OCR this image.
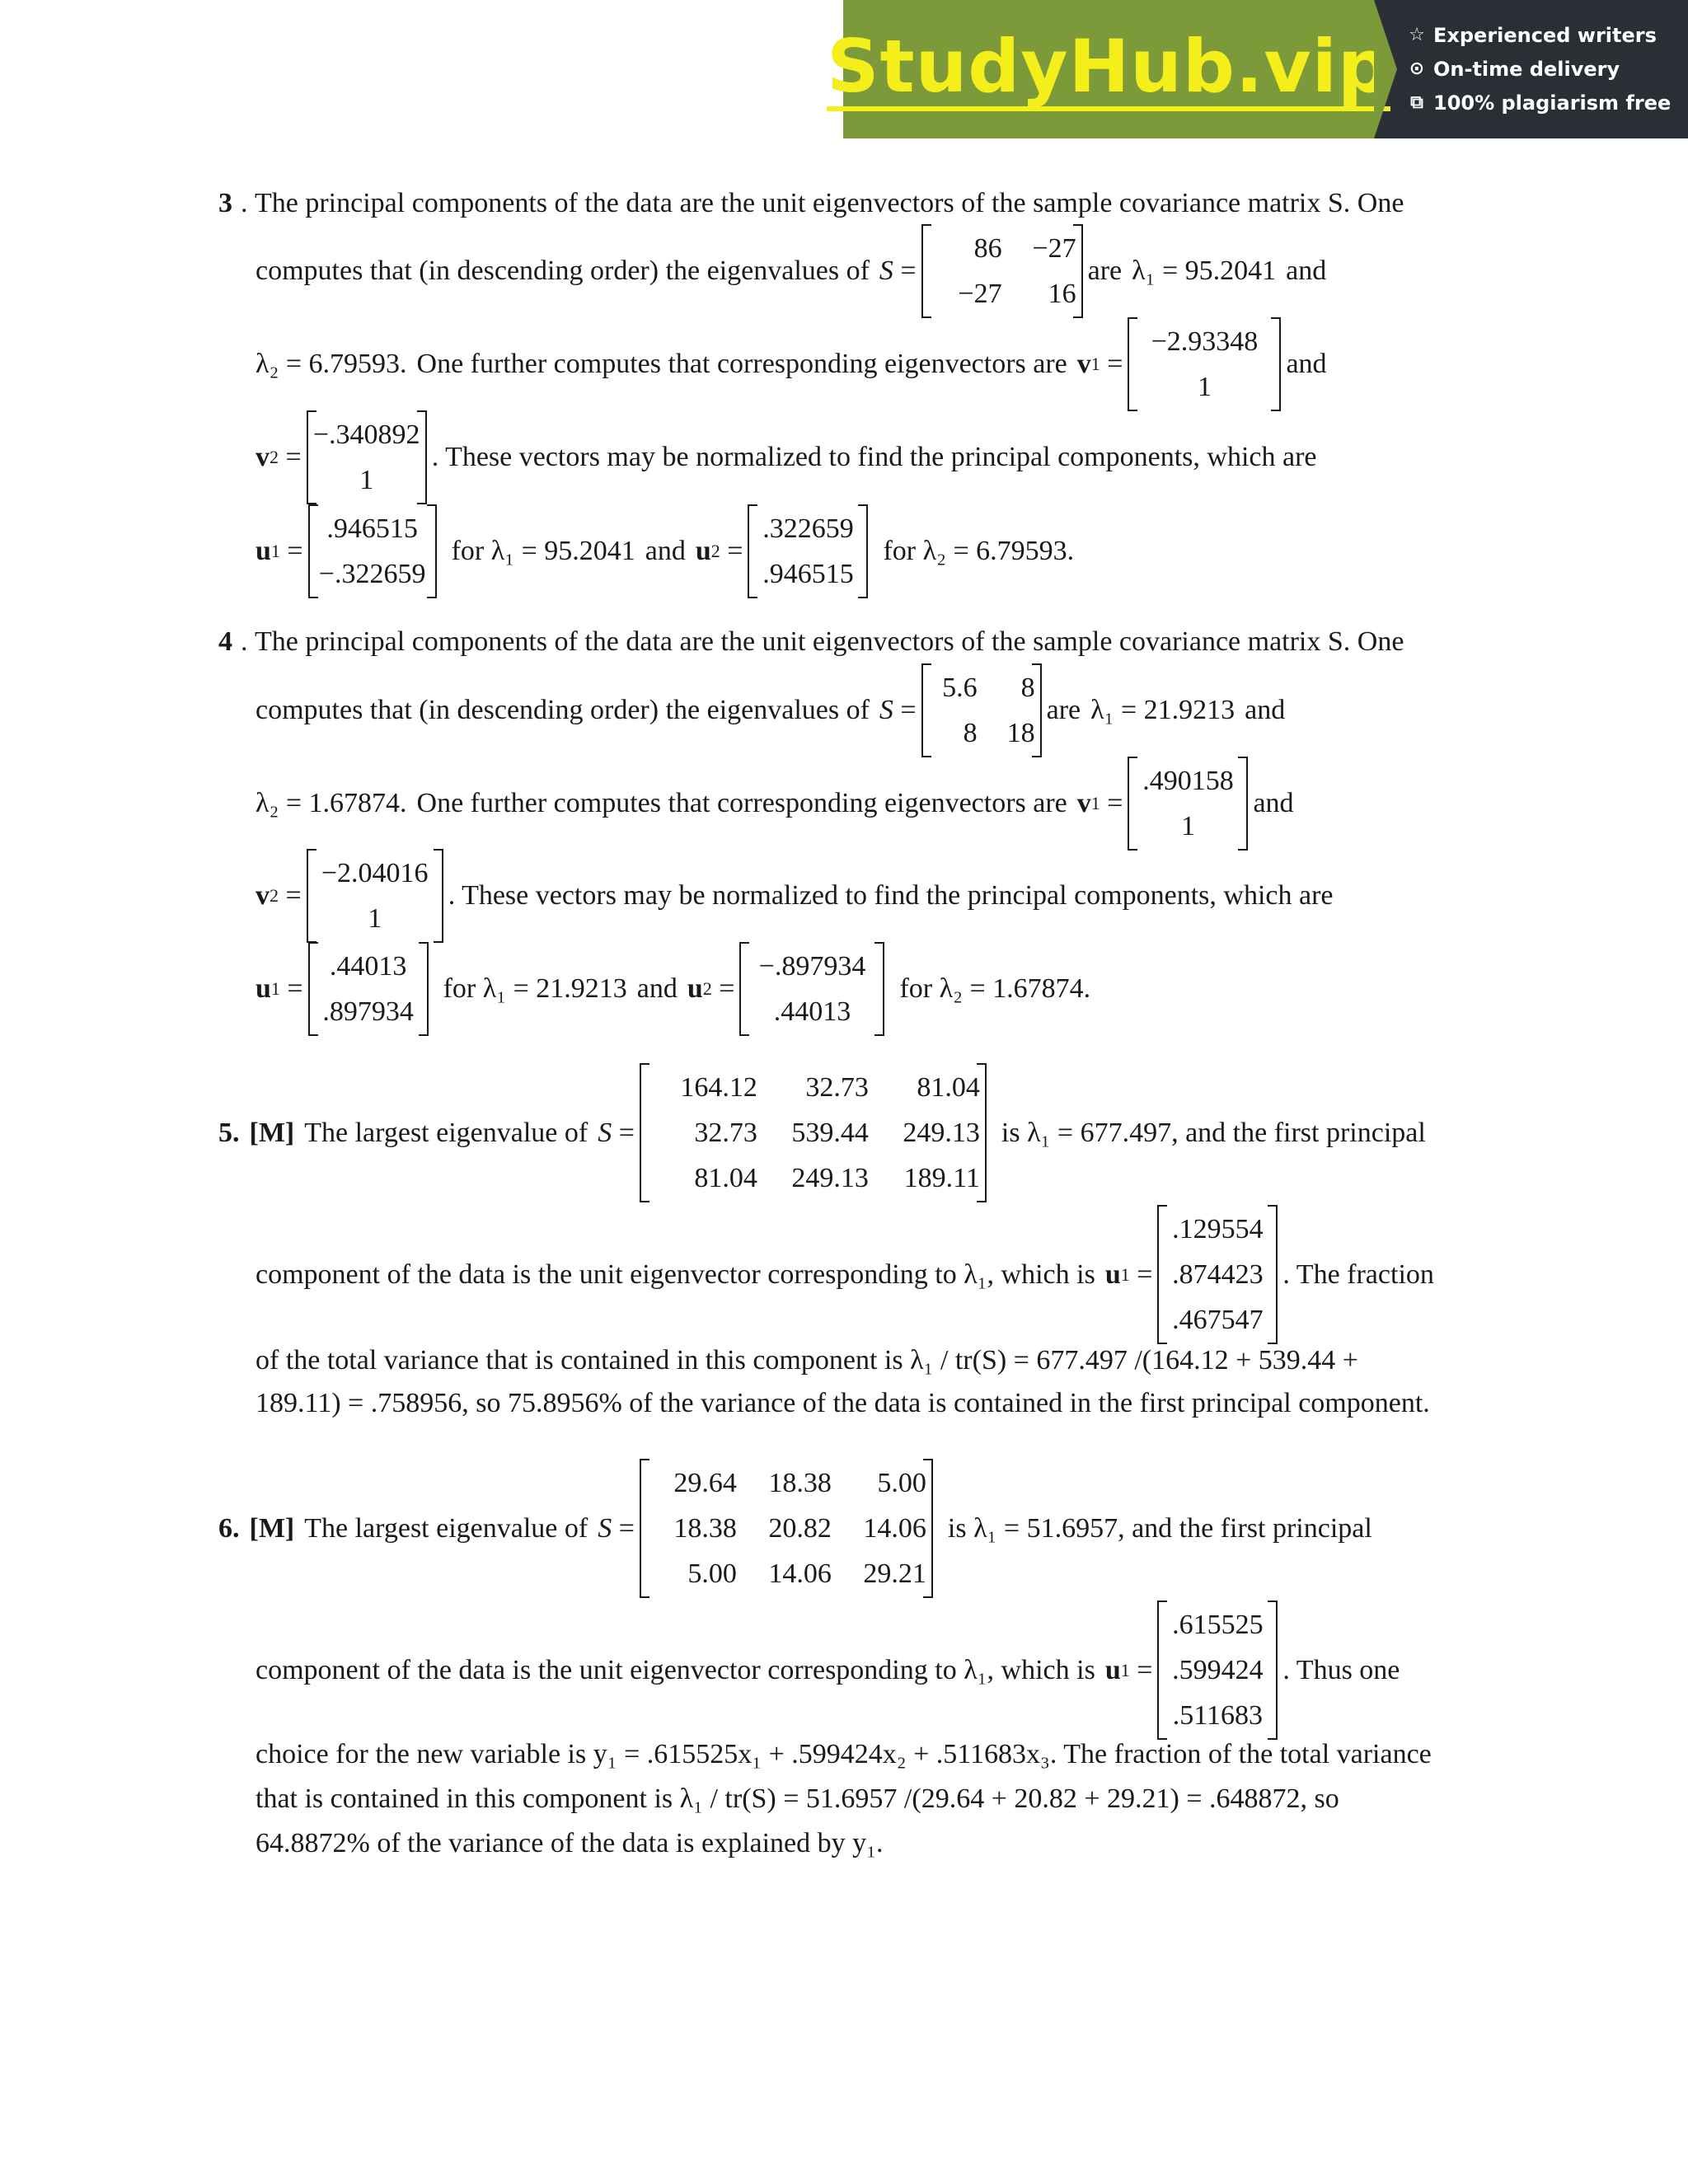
StudyHub.vip ☆ Experienced writers
⊙ On-time delivery
⧉ 100% plagiarism free
3 . The principal components of the data are the unit eigenvectors of the sample covariance matrix S. One
computes that (in descending order) the eigenvalues of S =
86	−27
−27	16
are λ₁ = 95.2041 and
λ₂ = 6.79593. One further computes that corresponding eigenvectors are v 1 =
−2.93348
1
and
v 2 =
−.340892
1
. These vectors may be normalized to find the principal components, which are
u 1 =
.946515
−.322659
for λ₁ = 95.2041 and u 2 =
.322659
.946515
for λ₂ = 6.79593.
4 . The principal components of the data are the unit eigenvectors of the sample covariance matrix S. One
computes that (in descending order) the eigenvalues of S =
5.6	8
8	18
are λ₁ = 21.9213 and
λ₂ = 1.67874. One further computes that corresponding eigenvectors are v 1 =
.490158
1
and
v 2 =
−2.04016
1
. These vectors may be normalized to find the principal components, which are
u 1 =
.44013
.897934
for λ₁ = 21.9213 and u 2 =
−.897934
.44013
for λ₂ = 1.67874.
5. [M] The largest eigenvalue of S =
164.12	32.73	81.04
32.73	539.44	249.13
81.04	249.13	189.11
is λ₁ = 677.497, and the first principal
component of the data is the unit eigenvector corresponding to λ₁, which is u 1 =
.129554
.874423
.467547
. The fraction
of the total variance that is contained in this component is λ₁ / tr(S) = 677.497 /(164.12 + 539.44 +
189.11) = .758956, so 75.8956% of the variance of the data is contained in the first principal component.
6. [M] The largest eigenvalue of S =
29.64	18.38	5.00
18.38	20.82	14.06
5.00	14.06	29.21
is λ₁ = 51.6957, and the first principal
component of the data is the unit eigenvector corresponding to λ₁, which is u 1 =
.615525
.599424
.511683
. Thus one
choice for the new variable is y₁ = .615525x₁ + .599424x₂ + .511683x₃. The fraction of the total variance
that is contained in this component is λ₁ / tr(S) = 51.6957 /(29.64 + 20.82 + 29.21) = .648872, so
64.8872% of the variance of the data is explained by y₁.
